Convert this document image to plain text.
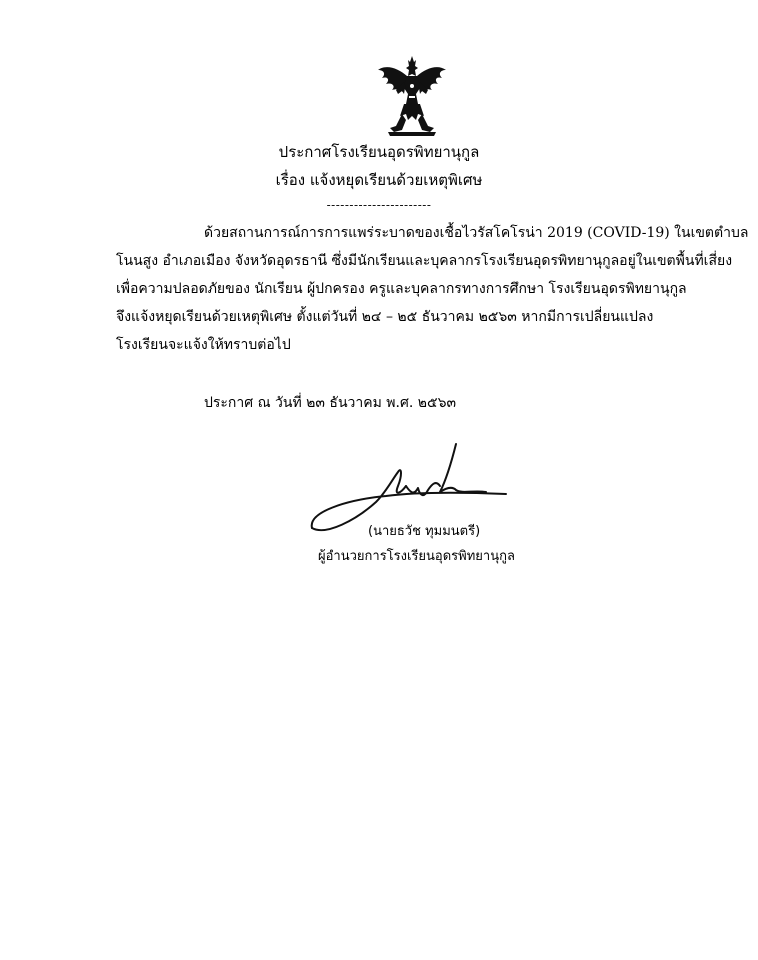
ประกาศโรงเรียนอุดรพิทยานุกูล
เรื่อง แจ้งหยุดเรียนด้วยเหตุพิเศษ
-----------------------
ด้วยสถานการณ์การการแพร่ระบาดของเชื้อไวรัสโคโรน่า 2019 (COVID-19) ในเขตตำบล
โนนสูง อำเภอเมือง จังหวัดอุดรธานี ซึ่งมีนักเรียนและบุคลากรโรงเรียนอุดรพิทยานุกูลอยู่ในเขตพื้นที่เสี่ยง
เพื่อความปลอดภัยของ นักเรียน ผู้ปกครอง ครูและบุคลากรทางการศึกษา โรงเรียนอุดรพิทยานุกูล
จึงแจ้งหยุดเรียนด้วยเหตุพิเศษ ตั้งแต่วันที่ ๒๔ – ๒๕ ธันวาคม ๒๕๖๓ หากมีการเปลี่ยนแปลง
โรงเรียนจะแจ้งให้ทราบต่อไป
ประกาศ ณ วันที่ ๒๓ ธันวาคม พ.ศ. ๒๕๖๓
(นายธวัช ทุมมนตรี)
ผู้อำนวยการโรงเรียนอุดรพิทยานุกูล
